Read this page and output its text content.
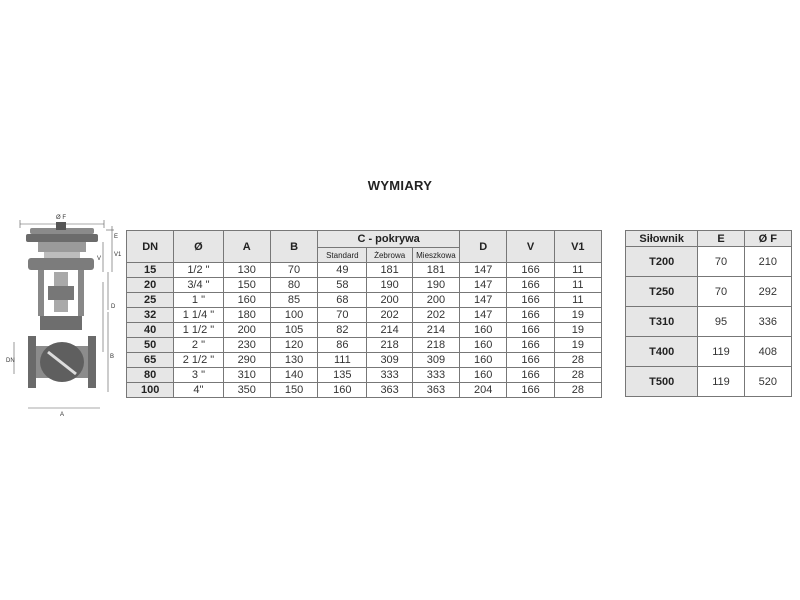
WYMIARY
Ø F
E
V
V1
D
DN
A
B
DN	Ø	A	B	C - pokrywa			D	V	V1
				Standard	Żebrowa	Mieszkowa			
15	1/2 "	130	70	49	181	181	147	166	11
20	3/4 "	150	80	58	190	190	147	166	11
25	1 "	160	85	68	200	200	147	166	11
32	1 1/4 "	180	100	70	202	202	147	166	19
40	1 1/2 "	200	105	82	214	214	160	166	19
50	2 "	230	120	86	218	218	160	166	19
65	2 1/2 "	290	130	111	309	309	160	166	28
80	3 "	310	140	135	333	333	160	166	28
100	4"	350	150	160	363	363	204	166	28
Siłownik	E	Ø F
T200	70	210
T250	70	292
T310	95	336
T400	119	408
T500	119	520
